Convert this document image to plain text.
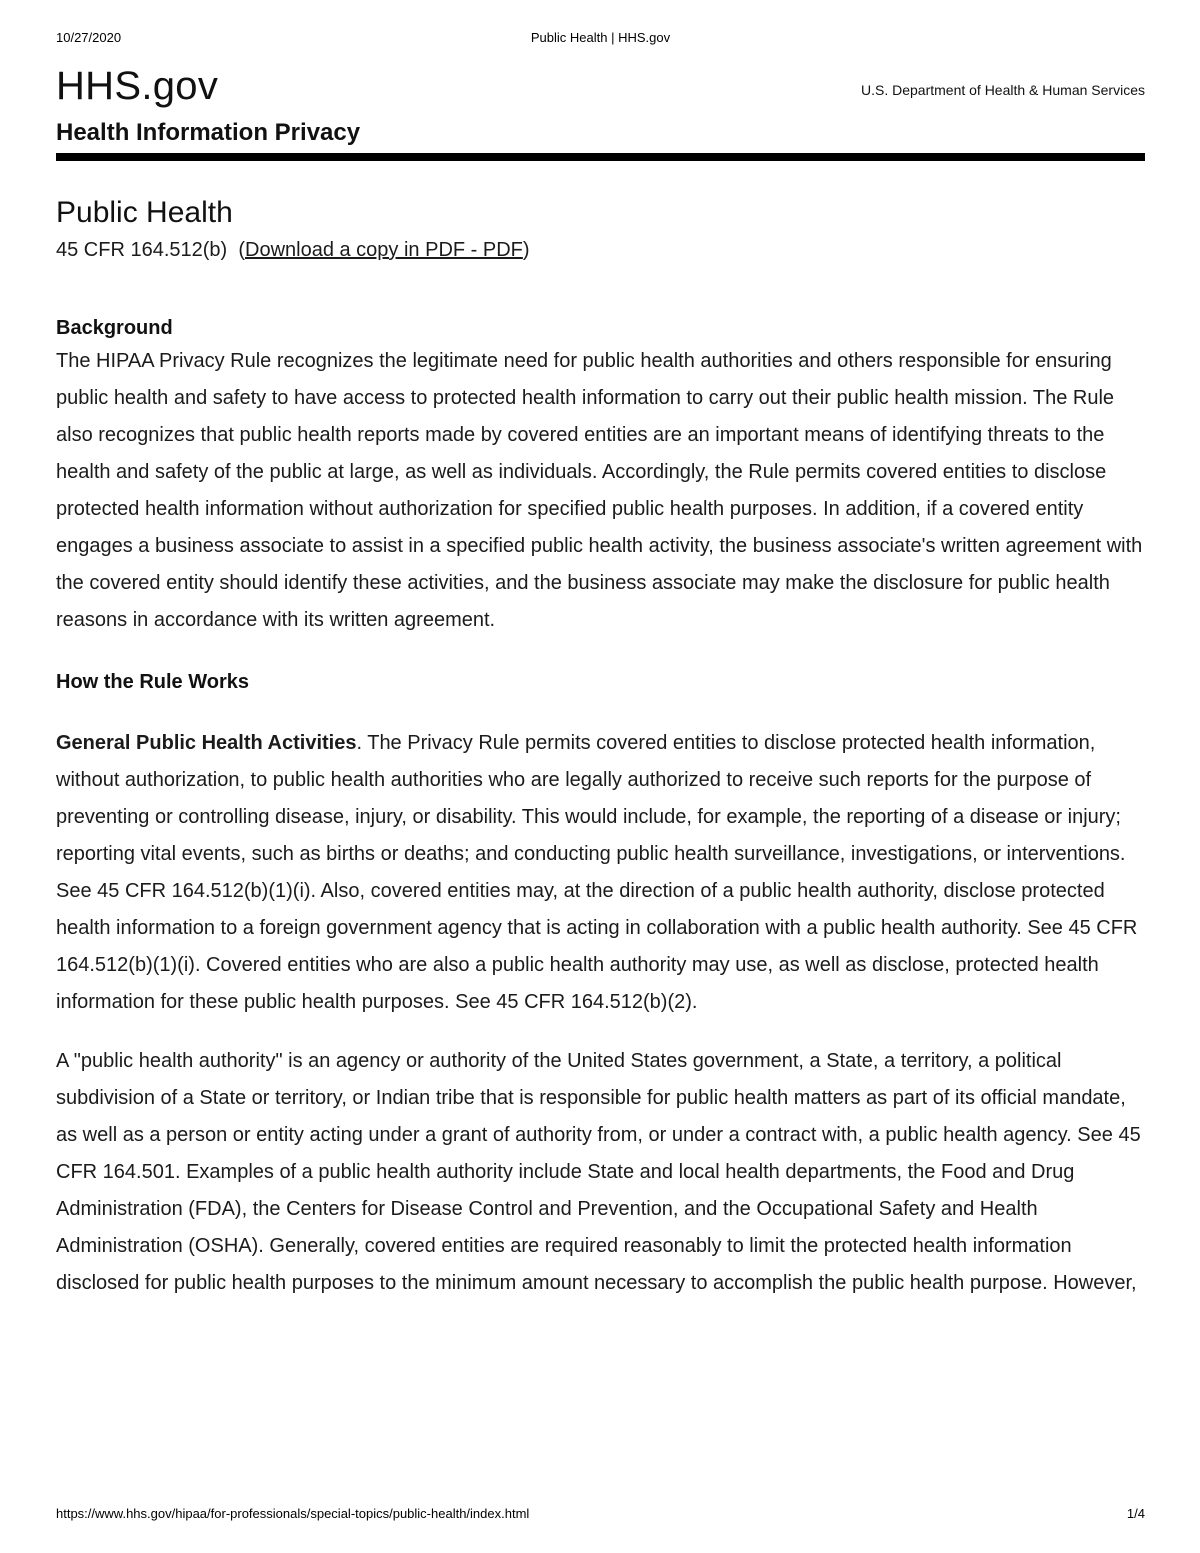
10/27/2020	Public Health | HHS.gov
HHS.gov	U.S. Department of Health & Human Services
Health Information Privacy
Public Health
45 CFR 164.512(b) (Download a copy in PDF - PDF)
Background

The HIPAA Privacy Rule recognizes the legitimate need for public health authorities and others responsible for ensuring public health and safety to have access to protected health information to carry out their public health mission. The Rule also recognizes that public health reports made by covered entities are an important means of identifying threats to the health and safety of the public at large, as well as individuals. Accordingly, the Rule permits covered entities to disclose protected health information without authorization for specified public health purposes. In addition, if a covered entity engages a business associate to assist in a specified public health activity, the business associate's written agreement with the covered entity should identify these activities, and the business associate may make the disclosure for public health reasons in accordance with its written agreement.

How the Rule Works

General Public Health Activities. The Privacy Rule permits covered entities to disclose protected health information, without authorization, to public health authorities who are legally authorized to receive such reports for the purpose of preventing or controlling disease, injury, or disability. This would include, for example, the reporting of a disease or injury; reporting vital events, such as births or deaths; and conducting public health surveillance, investigations, or interventions. See 45 CFR 164.512(b)(1)(i). Also, covered entities may, at the direction of a public health authority, disclose protected health information to a foreign government agency that is acting in collaboration with a public health authority. See 45 CFR 164.512(b)(1)(i). Covered entities who are also a public health authority may use, as well as disclose, protected health information for these public health purposes. See 45 CFR 164.512(b)(2).

A "public health authority" is an agency or authority of the United States government, a State, a territory, a political subdivision of a State or territory, or Indian tribe that is responsible for public health matters as part of its official mandate, as well as a person or entity acting under a grant of authority from, or under a contract with, a public health agency. See 45 CFR 164.501. Examples of a public health authority include State and local health departments, the Food and Drug Administration (FDA), the Centers for Disease Control and Prevention, and the Occupational Safety and Health Administration (OSHA). Generally, covered entities are required reasonably to limit the protected health information disclosed for public health purposes to the minimum amount necessary to accomplish the public health purpose. However,

https://www.hhs.gov/hipaa/for-professionals/special-topics/public-health/index.html	1/4
